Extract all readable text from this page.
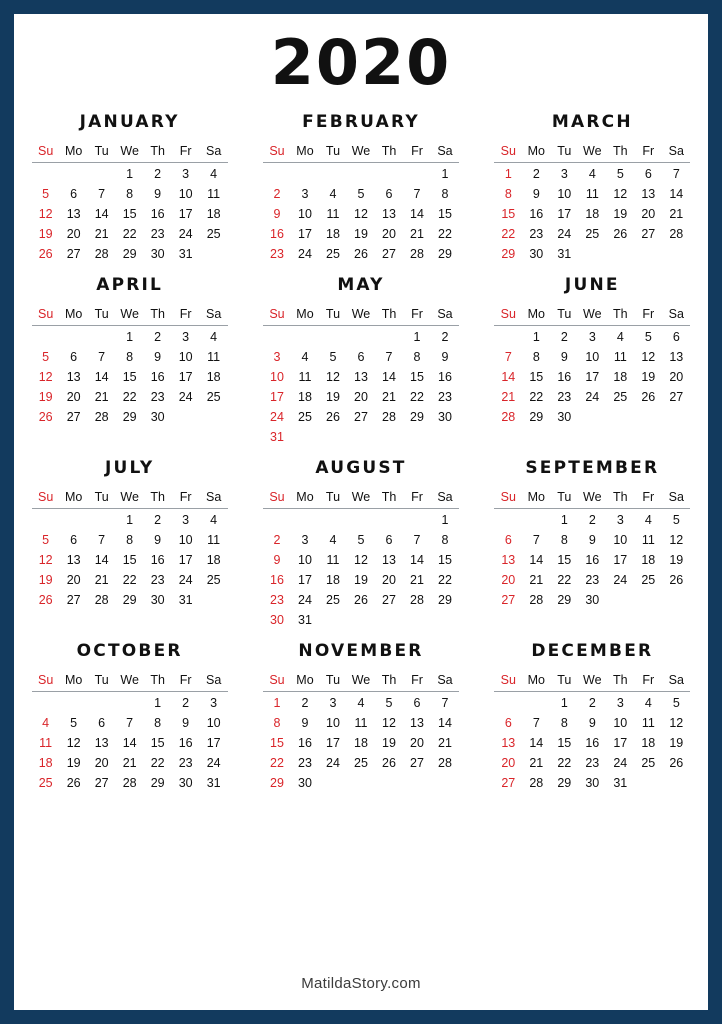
2020
JANUARY
Su	Mo	Tu	We	Th	Fr	Sa
			1	2	3	4
5	6	7	8	9	10	11
12	13	14	15	16	17	18
19	20	21	22	23	24	25
26	27	28	29	30	31	
FEBRUARY
Su	Mo	Tu	We	Th	Fr	Sa
						1
2	3	4	5	6	7	8
9	10	11	12	13	14	15
16	17	18	19	20	21	22
23	24	25	26	27	28	29
MARCH
Su	Mo	Tu	We	Th	Fr	Sa
1	2	3	4	5	6	7
8	9	10	11	12	13	14
15	16	17	18	19	20	21
22	23	24	25	26	27	28
29	30	31				
APRIL
Su	Mo	Tu	We	Th	Fr	Sa
			1	2	3	4
5	6	7	8	9	10	11
12	13	14	15	16	17	18
19	20	21	22	23	24	25
26	27	28	29	30		
MAY
Su	Mo	Tu	We	Th	Fr	Sa
					1	2
3	4	5	6	7	8	9
10	11	12	13	14	15	16
17	18	19	20	21	22	23
24	25	26	27	28	29	30
31						
JUNE
Su	Mo	Tu	We	Th	Fr	Sa
	1	2	3	4	5	6
7	8	9	10	11	12	13
14	15	16	17	18	19	20
21	22	23	24	25	26	27
28	29	30				
JULY
Su	Mo	Tu	We	Th	Fr	Sa
			1	2	3	4
5	6	7	8	9	10	11
12	13	14	15	16	17	18
19	20	21	22	23	24	25
26	27	28	29	30	31	
AUGUST
Su	Mo	Tu	We	Th	Fr	Sa
						1
2	3	4	5	6	7	8
9	10	11	12	13	14	15
16	17	18	19	20	21	22
23	24	25	26	27	28	29
30	31					
SEPTEMBER
Su	Mo	Tu	We	Th	Fr	Sa
		1	2	3	4	5
6	7	8	9	10	11	12
13	14	15	16	17	18	19
20	21	22	23	24	25	26
27	28	29	30			
OCTOBER
Su	Mo	Tu	We	Th	Fr	Sa
				1	2	3
4	5	6	7	8	9	10
11	12	13	14	15	16	17
18	19	20	21	22	23	24
25	26	27	28	29	30	31
NOVEMBER
Su	Mo	Tu	We	Th	Fr	Sa
1	2	3	4	5	6	7
8	9	10	11	12	13	14
15	16	17	18	19	20	21
22	23	24	25	26	27	28
29	30					
DECEMBER
Su	Mo	Tu	We	Th	Fr	Sa
		1	2	3	4	5
6	7	8	9	10	11	12
13	14	15	16	17	18	19
20	21	22	23	24	25	26
27	28	29	30	31		
MatildaStory.com
